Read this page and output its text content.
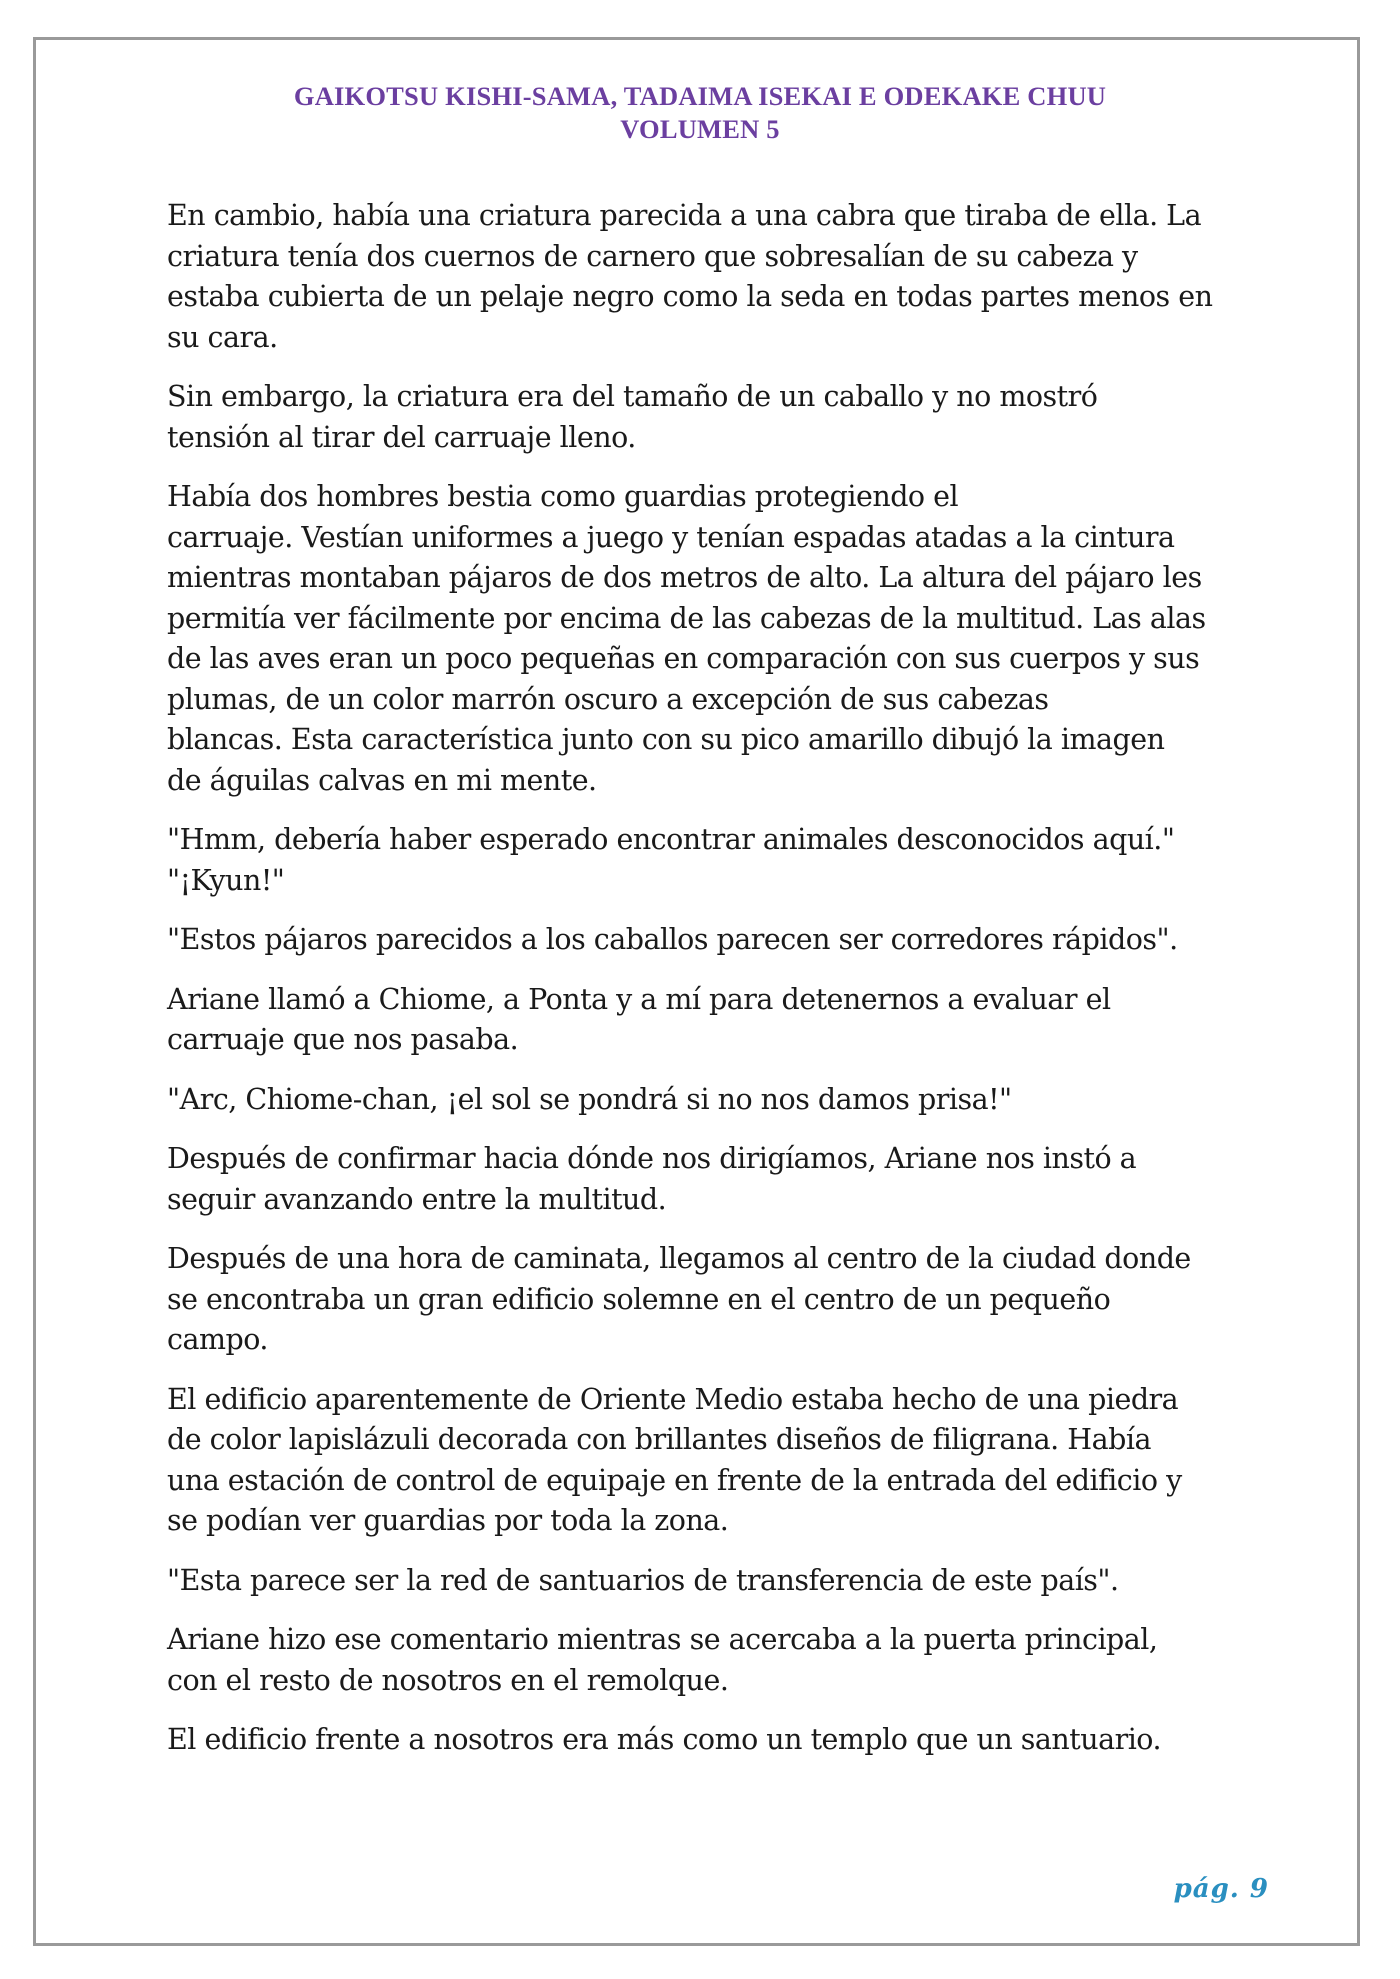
GAIKOTSU KISHI-SAMA, TADAIMA ISEKAI E ODEKAKE CHUU
VOLUMEN 5

En cambio, había una criatura parecida a una cabra que tiraba de ella. La
criatura tenía dos cuernos de carnero que sobresalían de su cabeza y
estaba cubierta de un pelaje negro como la seda en todas partes menos en
su cara.

Sin embargo, la criatura era del tamaño de un caballo y no mostró
tensión al tirar del carruaje lleno.

Había dos hombres bestia como guardias protegiendo el
carruaje. Vestían uniformes a juego y tenían espadas atadas a la cintura
mientras montaban pájaros de dos metros de alto. La altura del pájaro les
permitía ver fácilmente por encima de las cabezas de la multitud. Las alas
de las aves eran un poco pequeñas en comparación con sus cuerpos y sus
plumas, de un color marrón oscuro a excepción de sus cabezas
blancas. Esta característica junto con su pico amarillo dibujó la imagen
de águilas calvas en mi mente.

"Hmm, debería haber esperado encontrar animales desconocidos aquí."
"¡Kyun!"

"Estos pájaros parecidos a los caballos parecen ser corredores rápidos".

Ariane llamó a Chiome, a Ponta y a mí para detenernos a evaluar el
carruaje que nos pasaba.

"Arc, Chiome-chan, ¡el sol se pondrá si no nos damos prisa!"

Después de confirmar hacia dónde nos dirigíamos, Ariane nos instó a
seguir avanzando entre la multitud.

Después de una hora de caminata, llegamos al centro de la ciudad donde
se encontraba un gran edificio solemne en el centro de un pequeño
campo.

El edificio aparentemente de Oriente Medio estaba hecho de una piedra
de color lapislázuli decorada con brillantes diseños de filigrana. Había
una estación de control de equipaje en frente de la entrada del edificio y
se podían ver guardias por toda la zona.

"Esta parece ser la red de santuarios de transferencia de este país".

Ariane hizo ese comentario mientras se acercaba a la puerta principal,
con el resto de nosotros en el remolque.

El edificio frente a nosotros era más como un templo que un santuario.

pág. 9
